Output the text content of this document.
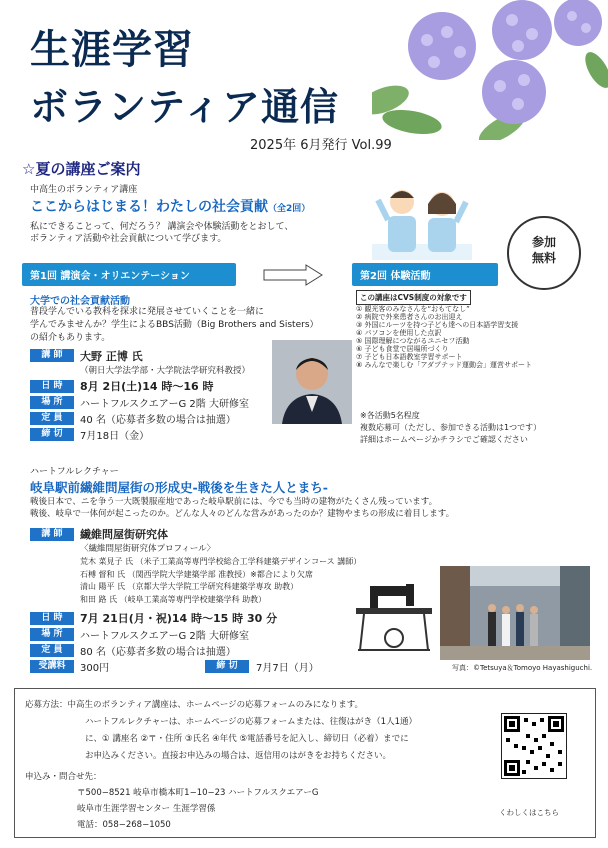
生涯学習
ボランティア通信
2025年 6月発行 Vol.99
☆夏の講座ご案内
中高生のボランティア講座
ここからはじまる！わたしの社会貢献（全2回）
私にできることって、何だろう？ 講演会や体験活動をとおして、
ボランティア活動や社会貢献について学びます。	参加
無料
第1回 講演会・オリエンテーション	第2回 体験活動
この講座はCVS制度の対象です
大学での社会貢献活動
普段学んでいる教科を探求に発展させていくことを一緒に
学んでみませんか？学生によるBBS活動（Big Brothers and Sisters）
の紹介もあります。
講 師	大野 正博 氏
（朝日大学法学部・大学院法学研究科教授）
日 時	8月 2日(土)14 時～16 時
場 所	ハートフルスクエアーG 2階 大研修室
定 員	40 名（応募者多数の場合は抽選）
締 切	7月18日（金）
① 観光客のみなさんを“おもてなし”
② 病院で外来患者さんのお出迎え
③ 外国にルーツを持つ子ども達への日本語学習支援
④ パソコンを使用した点訳
⑤ 国際理解につながるユニセフ活動
⑥ 子ども食堂で居場所づくり
⑦ 子ども日本語教室学習サポート
⑧ みんなで楽しむ「アダプテッド運動会」運営サポート
※各活動5名程度
複数応募可（ただし、参加できる活動は1つです）
詳細はホームページかチラシでご確認ください
ハートフルレクチャー
岐阜駅前繊維問屋街の形成史-戦後を生きた人とまち-
戦後日本で、ニを争う一大既製服産地であった岐阜駅前には、今でも当時の建物がたくさん残っています。
戦後、岐阜で一体何が起こったのか。どんな人々のどんな営みがあったのか？建物やまちの形成に着目します。
講 師	繊維問屋街研究体
〈繊維問屋街研究体プロフィール〉
荒木 菜見子 氏 （米子工業高等専門学校総合工学科建築デザインコース 講師）
石榑 督和 氏 （関西学院大学建築学部 准教授）※都合により欠席
清山 陽平 氏 （京都大学大学院工学研究科建築学専攻 助教）
和田 路 氏 （岐阜工業高等専門学校建築学科 助教）
日 時	7月 21日(月・祝)14 時～15 時 30 分
場 所	ハートフルスクエアーG 2階 大研修室
定 員	80 名（応募者多数の場合は抽選）
受講料	300円	締 切	7月7日（月）	写真：©Tetsuya＆Tomoyo Hayashiguchi.
応募方法：中高生のボランティア講座は、ホームページの応募フォームのみになります。
ハートフルレクチャーは、ホームページの応募フォームまたは、往復はがき（1人1通）
に、① 講座名 ②〒・住所 ③氏名 ④年代 ⑤電話番号を記入し、締切日（必着）までに
お申込みください。直接お申込みの場合は、返信用のはがきをお持ちください。
申込み・問合せ先：
〒500−8521 岐阜市橋本町1−10−23 ハートフルスクエアーG
岐阜市生涯学習センター 生涯学習係
電話：058−268−1050
くわしくはこちら
